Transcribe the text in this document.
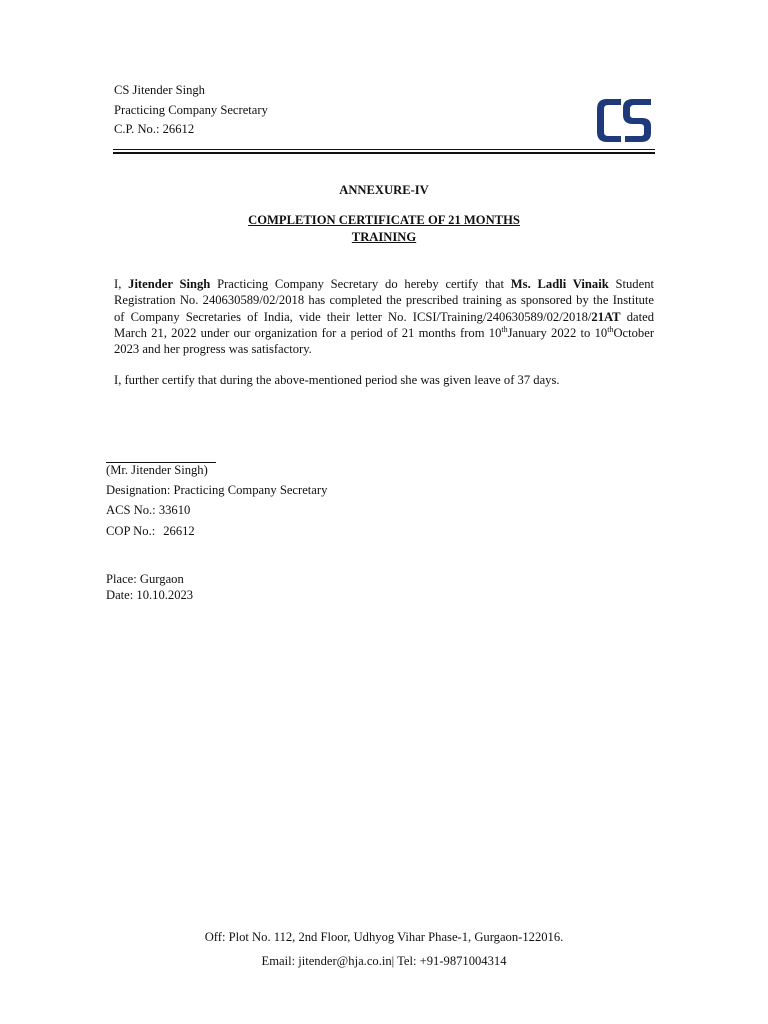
CS Jitender Singh
Practicing Company Secretary
C.P. No.: 26612
ANNEXURE-IV
COMPLETION CERTIFICATE OF 21 MONTHS
TRAINING

I, Jitender Singh Practicing Company Secretary do hereby certify that Ms. Ladli Vinaik Student Registration No. 240630589/02/2018 has completed the prescribed training as sponsored by the Institute of Company Secretaries of India, vide their letter No. ICSI/Training/240630589/02/2018/21AT dated March 21, 2022 under our organization for a period of 21 months from 10thJanuary 2022 to 10thOctober 2023 and her progress was satisfactory.

I, further certify that during the above-mentioned period she was given leave of 37 days.
(Mr. Jitender Singh)
Designation: Practicing Company Secretary
ACS No.: 33610
COP No.: 26612
Place: Gurgaon
Date: 10.10.2023
Off: Plot No. 112, 2nd Floor, Udhyog Vihar Phase-1, Gurgaon-122016.
Email: jitender@hja.co.in| Tel: +91-9871004314
